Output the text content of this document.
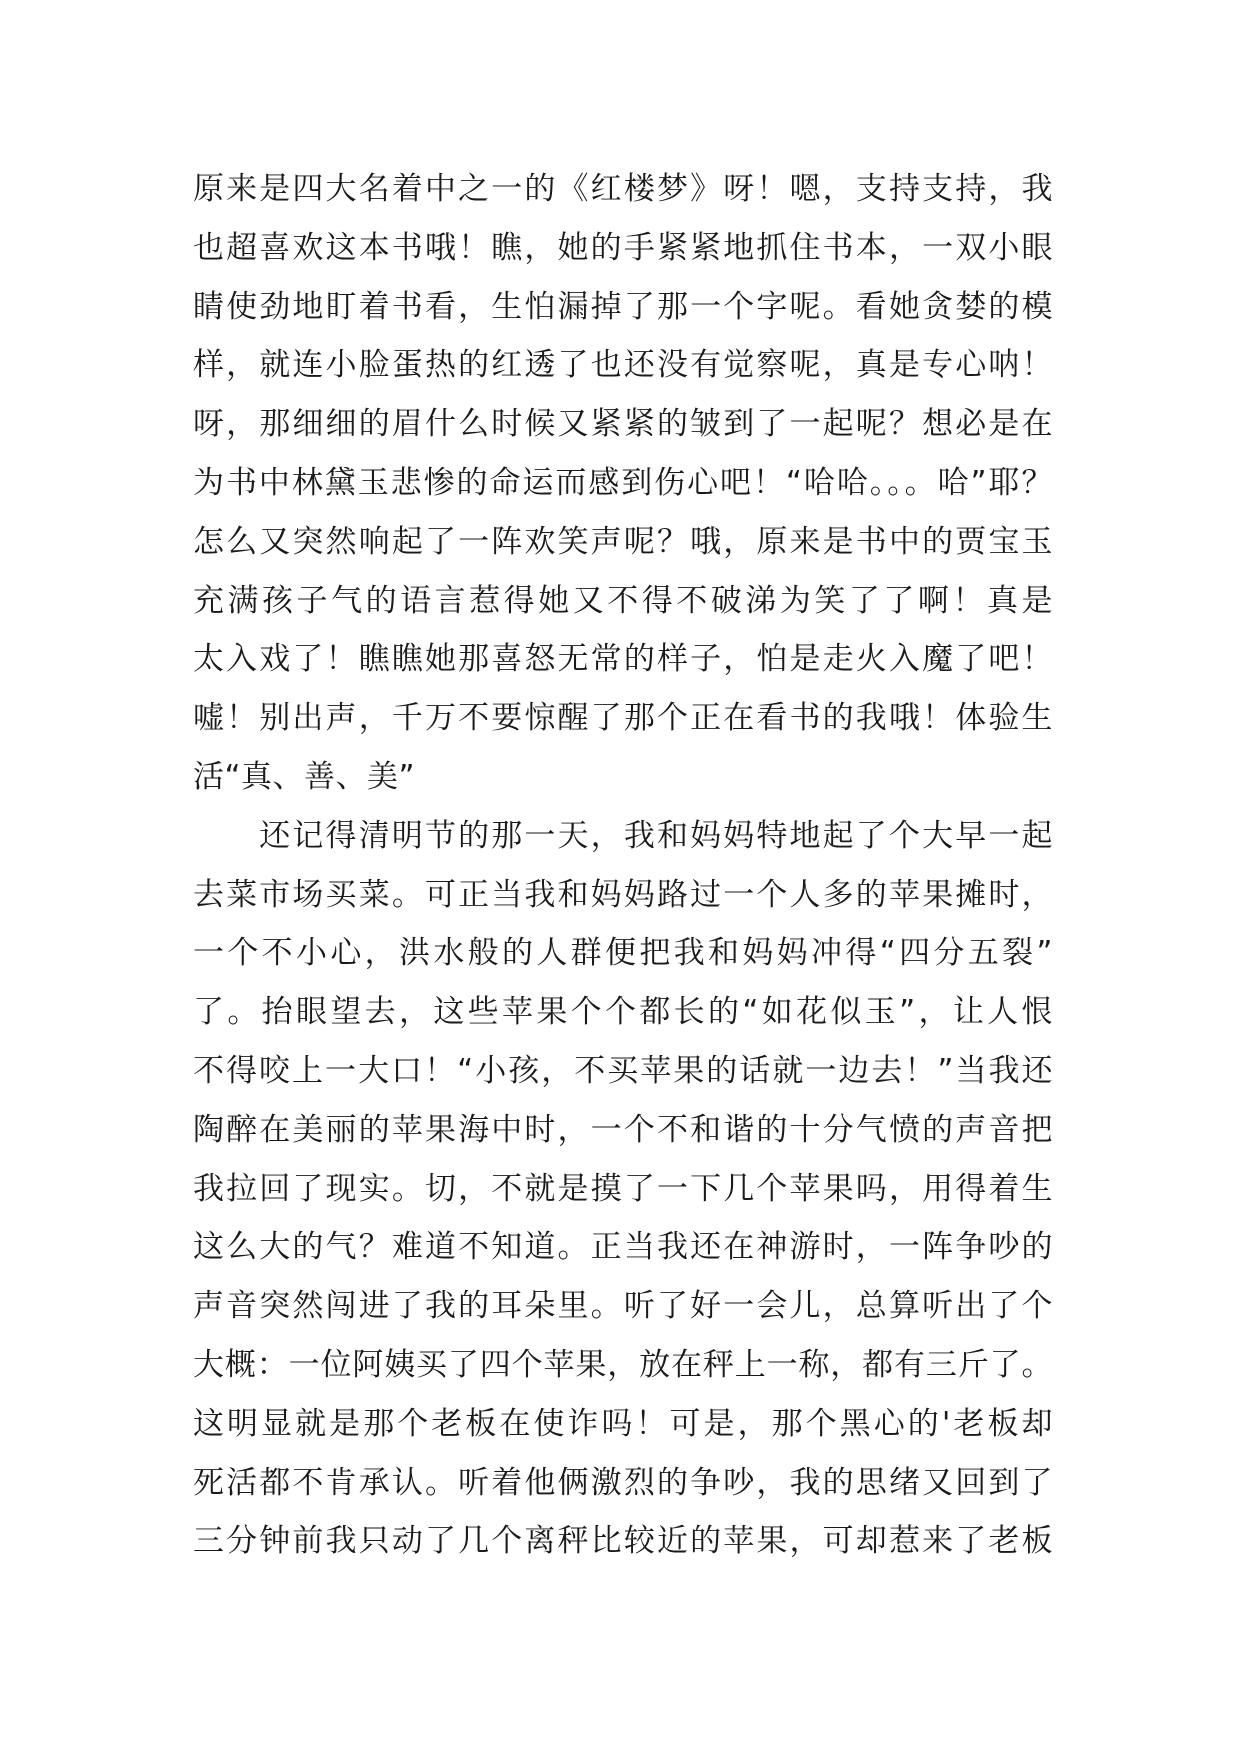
原来是四大名着中之一的《红楼梦》呀！嗯，支持支持，我
也超喜欢这本书哦！瞧，她的手紧紧地抓住书本，一双小眼
睛使劲地盯着书看，生怕漏掉了那一个字呢。看她贪婪的模
样，就连小脸蛋热的红透了也还没有觉察呢，真是专心呐！
呀，那细细的眉什么时候又紧紧的皱到了一起呢？想必是在
为书中林黛玉悲惨的命运而感到伤心吧！“哈哈。。。哈”耶？
怎么又突然响起了一阵欢笑声呢？哦，原来是书中的贾宝玉
充满孩子气的语言惹得她又不得不破涕为笑了了啊！真是
太入戏了！瞧瞧她那喜怒无常的样子，怕是走火入魔了吧！
嘘！别出声，千万不要惊醒了那个正在看书的我哦！体验生
活“真、善、美”
　　还记得清明节的那一天，我和妈妈特地起了个大早一起
去菜市场买菜。可正当我和妈妈路过一个人多的苹果摊时，
一个不小心，洪水般的人群便把我和妈妈冲得“四分五裂”
了。抬眼望去，这些苹果个个都长的“如花似玉”，让人恨
不得咬上一大口！“小孩，不买苹果的话就一边去！”当我还
陶醉在美丽的苹果海中时，一个不和谐的十分气愤的声音把
我拉回了现实。切，不就是摸了一下几个苹果吗，用得着生
这么大的气？难道不知道。正当我还在神游时，一阵争吵的
声音突然闯进了我的耳朵里。听了好一会儿，总算听出了个
大概：一位阿姨买了四个苹果，放在秤上一称，都有三斤了。
这明显就是那个老板在使诈吗！可是，那个黑心的'老板却
死活都不肯承认。听着他俩激烈的争吵，我的思绪又回到了
三分钟前我只动了几个离秤比较近的苹果，可却惹来了老板
